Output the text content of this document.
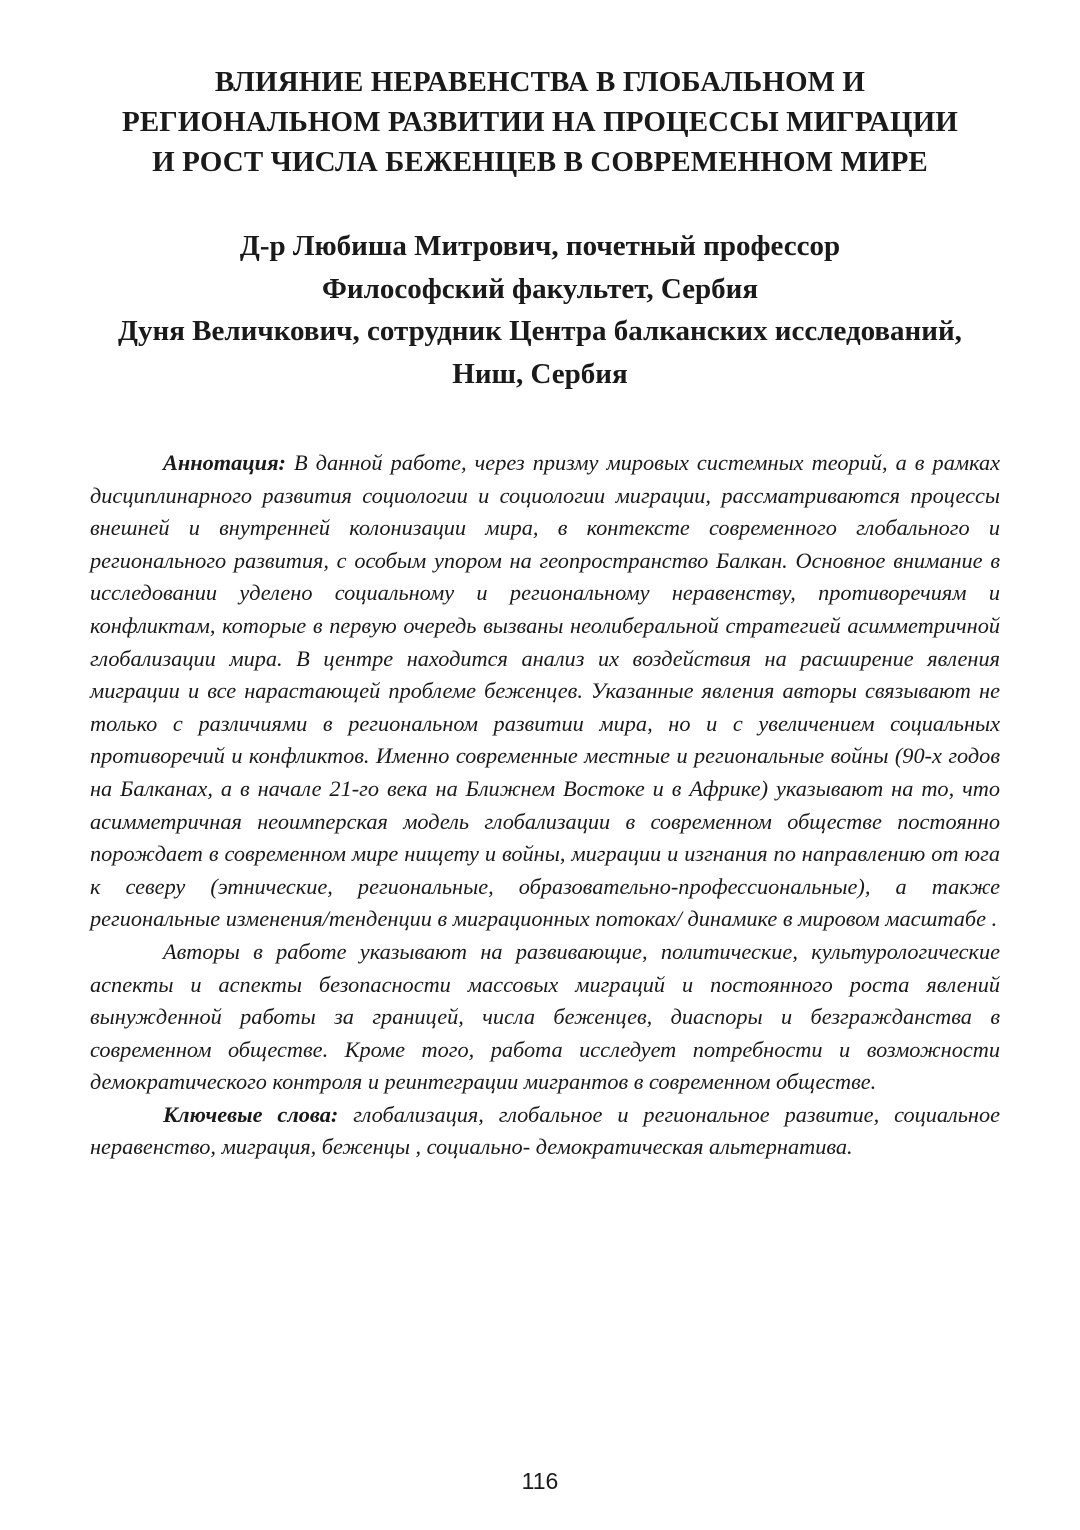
ВЛИЯНИЕ НЕРАВЕНСТВА В ГЛОБАЛЬНОМ И
РЕГИОНАЛЬНОМ РАЗВИТИИ НА ПРОЦЕССЫ МИГРАЦИИ
И РОСТ ЧИСЛА БЕЖЕНЦЕВ В СОВРЕМЕННОМ МИРЕ
Д-р Любиша Митрович, почетный профессор
Философский факультет, Сербия
Дуня Величкович, сотрудник Центра балканских исследований,
Ниш, Сербия

Аннотация: В данной работе, через призму мировых системных теорий, а в рамках дисциплинарного развития социологии и социологии миграции, рассматриваются процессы внешней и внутренней колонизации мира, в контексте современного глобального и регионального развития, с особым упором на геопространство Балкан. Основное внимание в исследовании уделено социальному и региональному неравенству, противоречиям и конфликтам, которые в первую очередь вызваны неолиберальной стратегией асимметричной глобализации мира. В центре находится анализ их воздействия на расширение явления миграции и все нарастающей проблеме беженцев. Указанные явления авторы связывают не только с различиями в региональном развитии мира, но и с увеличением социальных противоречий и конфликтов. Именно современные местные и региональные войны (90-х годов на Балканах, а в начале 21-го века на Ближнем Востоке и в Африке) указывают на то, что асимметричная неоимперская модель глобализации в современном обществе постоянно порождает в современном мире нищету и войны, миграции и изгнания по направлению от юга к северу (этнические, региональные, образовательно-профессиональные), а также региональные изменения/тенденции в миграционных потоках/ динамике в мировом масштабе .

Авторы в работе указывают на развивающие, политические, культурологические аспекты и аспекты безопасности массовых миграций и постоянного роста явлений вынужденной работы за границей, числа беженцев, диаспоры и безгражданства в современном обществе. Кроме того, работа исследует потребности и возможности демократического контроля и реинтеграции мигрантов в современном обществе.

Ключевые слова: глобализация, глобальное и региональное развитие, социальное неравенство, миграция, беженцы , социально- демократическая альтернатива.

116
